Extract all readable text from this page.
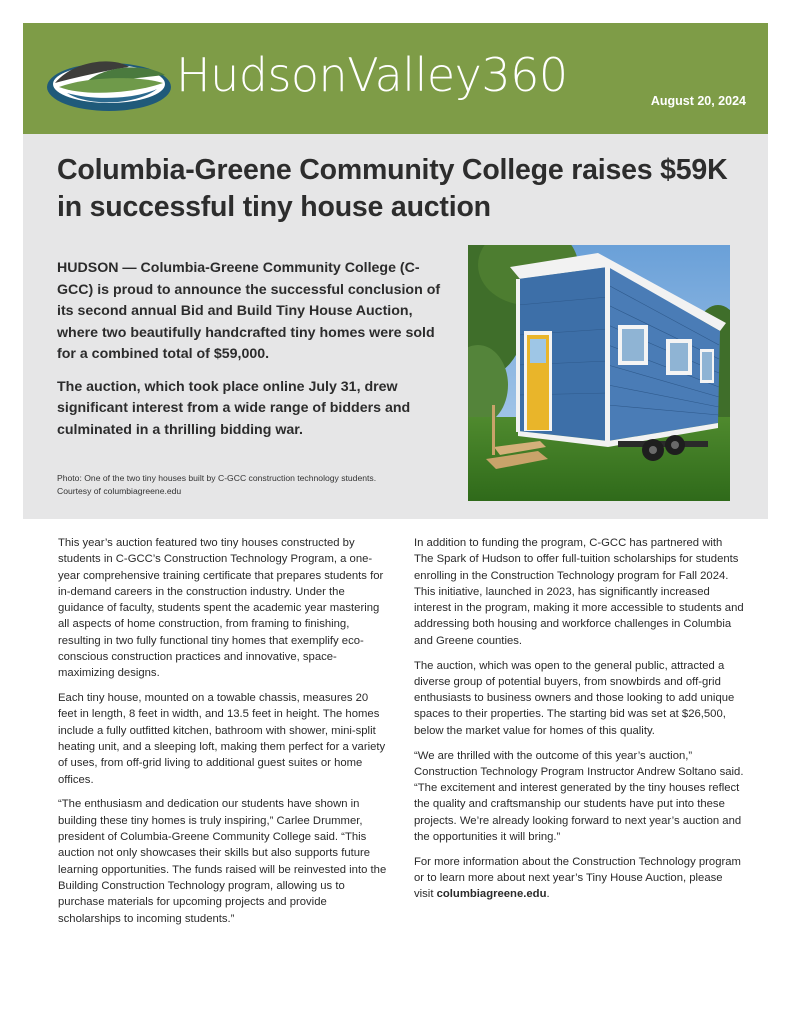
HudsonValley360	August 20, 2024
Columbia-Greene Community College raises $59K in successful tiny house auction

HUDSON — Columbia-Greene Community College (C-GCC) is proud to announce the successful conclusion of its second annual Bid and Build Tiny House Auction, where two beautifully handcrafted tiny homes were sold for a combined total of $59,000.

The auction, which took place online July 31, drew significant interest from a wide range of bidders and culminated in a thrilling bidding war.

Photo: One of the two tiny houses built by C-GCC construction technology students.
Courtesy of columbiagreene.edu

This year’s auction featured two tiny houses constructed by students in C-GCC’s Construction Technology Program, a one-year comprehensive training certificate that prepares students for in-demand careers in the construction industry. Under the guidance of faculty, students spent the academic year mastering all aspects of home construction, from framing to finishing, resulting in two fully functional tiny homes that exemplify eco-conscious construction practices and innovative, space-maximizing designs.

Each tiny house, mounted on a towable chassis, measures 20 feet in length, 8 feet in width, and 13.5 feet in height. The homes include a fully outfitted kitchen, bathroom with shower, mini-split heating unit, and a sleeping loft, making them perfect for a variety of uses, from off-grid living to additional guest suites or home offices.

“The enthusiasm and dedication our students have shown in building these tiny homes is truly inspiring,” Carlee Drummer, president of Columbia-Greene Community College said. “This auction not only showcases their skills but also supports future learning opportunities. The funds raised will be reinvested into the Building Construction Technology program, allowing us to purchase materials for upcoming projects and provide scholarships to incoming students.”

In addition to funding the program, C-GCC has partnered with The Spark of Hudson to offer full-tuition scholarships for students enrolling in the Construction Technology program for Fall 2024. This initiative, launched in 2023, has significantly increased interest in the program, making it more accessible to students and addressing both housing and workforce challenges in Columbia and Greene counties.

The auction, which was open to the general public, attracted a diverse group of potential buyers, from snowbirds and off-grid enthusiasts to business owners and those looking to add unique spaces to their properties. The starting bid was set at $26,500, below the market value for homes of this quality.

“We are thrilled with the outcome of this year’s auction,” Construction Technology Program Instructor Andrew Soltano said. “The excitement and interest generated by the tiny houses reflect the quality and craftsmanship our students have put into these projects. We’re already looking forward to next year’s auction and the opportunities it will bring.”

For more information about the Construction Technology program or to learn more about next year’s Tiny House Auction, please visit columbiagreene.edu.
